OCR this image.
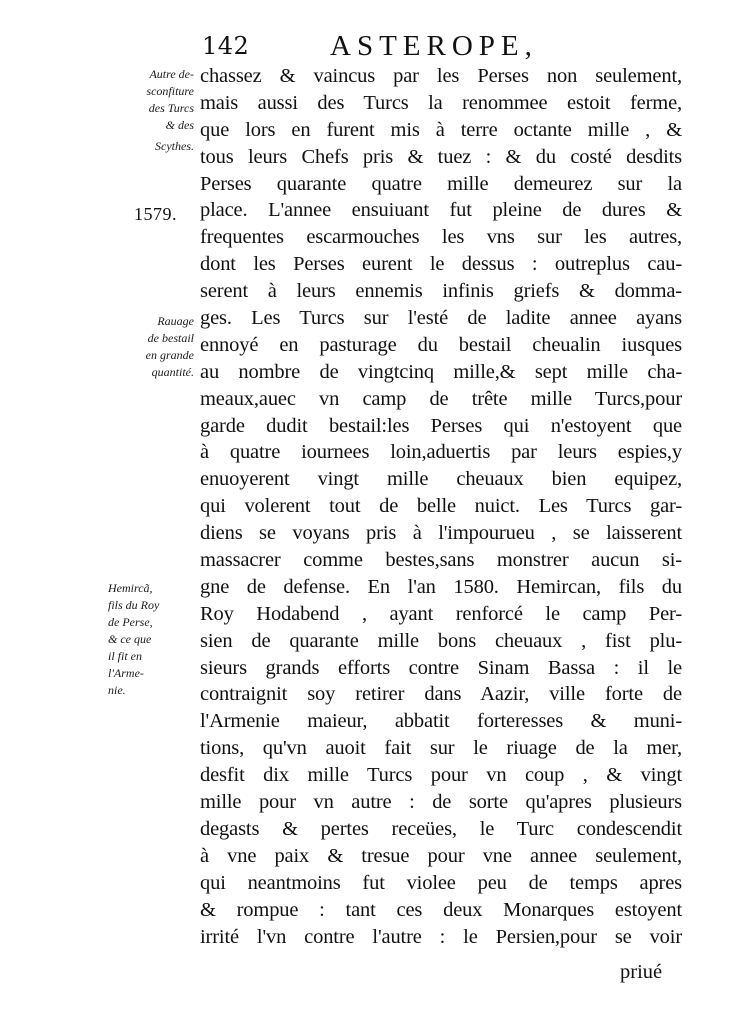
142	ASTEROPE,
Autre de-
sconfiture
des Turcs
& des
Scythes.
1579.
Rauage
de bestail
en grande
quantité.
Hemircã,
fils du Roy
de Perse,
& ce que
il fit en
l'Arme-
nie.
chassez & vaincus par les Perses non seulement,
mais aussi des Turcs la renommee estoit ferme,
que lors en furent mis à terre octante mille , &
tous leurs Chefs pris & tuez : & du costé desdits
Perses quarante quatre mille demeurez sur la
place. L'annee ensuiuant fut pleine de dures &
frequentes escarmouches les vns sur les autres,
dont les Perses eurent le dessus : outreplus cau-
serent à leurs ennemis infinis griefs & domma-
ges. Les Turcs sur l'esté de ladite annee ayans
ennoyé en pasturage du bestail cheualin iusques
au nombre de vingtcinq mille,& sept mille cha-
meaux,auec vn camp de trête mille Turcs,pour
garde dudit bestail:les Perses qui n'estoyent que
à quatre iournees loin,aduertis par leurs espies,y
enuoyerent vingt mille cheuaux bien equipez,
qui volerent tout de belle nuict. Les Turcs gar-
diens se voyans pris à l'impourueu , se laisserent
massacrer comme bestes,sans monstrer aucun si-
gne de defense. En l'an 1580. Hemircan, fils du
Roy Hodabend , ayant renforcé le camp Per-
sien de quarante mille bons cheuaux , fist plu-
sieurs grands efforts contre Sinam Bassa : il le
contraignit soy retirer dans Aazir, ville forte de
l'Armenie maieur, abbatit forteresses & muni-
tions, qu'vn auoit fait sur le riuage de la mer,
desfit dix mille Turcs pour vn coup , & vingt
mille pour vn autre : de sorte qu'apres plusieurs
degasts & pertes receües, le Turc condescendit
à vne paix & tresue pour vne annee seulement,
qui neantmoins fut violee peu de temps apres
& rompue : tant ces deux Monarques estoyent
irrité l'vn contre l'autre : le Persien,pour se voir
priué
